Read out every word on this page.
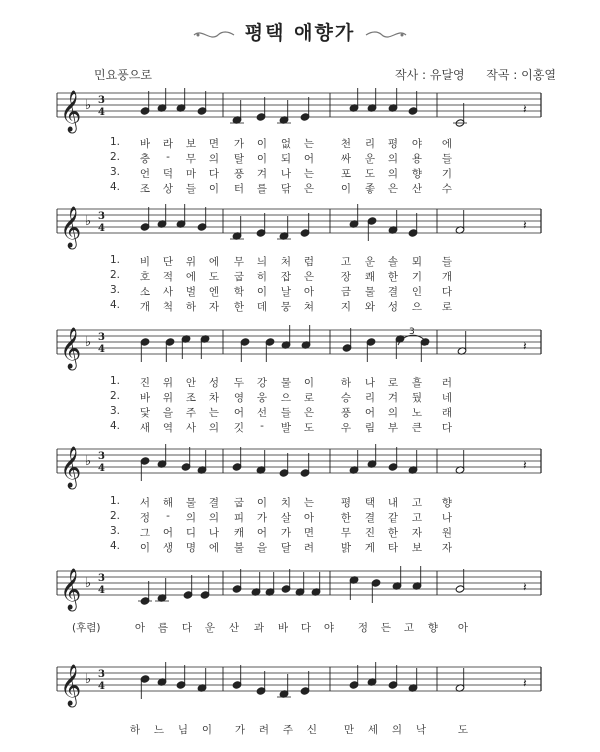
평택 애향가
민요풍으로	작사 : 유달영 작곡 : 이홍열
𝄞 ♭ 3
4	𝄽
𝄞 ♭ 3
4	𝄽
𝄞 ♭ 3
4	𝄽
𝄞 ♭ 3
4	𝄽
𝄞 ♭ 3
4	𝄽
𝄞 ♭ 3
4	𝄽
3
1. 바 라 보 면 가 이 없 는	천 리 평 야 에
2. 충	-	무 의 탈 이 되 어	싸 운 의 용 들
3. 언 덕 마 다 풍 겨 나 는	포 도 의 향 기
4. 조 상 들 이 터 를 닦 은	이 좋 은 산 수
1. 비 단 위 에 무 늬 처 럼	고 운 솔 뫼 들
2. 호 적 에 도 굽 히 잡 은	장 쾌 한 기 개
3. 소 사 벌 엔 학 이 날 아	금 물 결 인 다
4. 개 척 하 자 한 데 뭉 쳐	지 와 성 으 로
1. 진 위 안 성 두 강 물 이	하 나 로 흘 러
2. 바 위 조 차 영 웅 으 로	승 리 겨 뒀 네
3. 닻 을 주 는 어 선 들 은	풍 어 의 노 래
4. 새 역 사 의 깃	-	발 도	우 림 부 큰 다
1. 서 해 물 결 굽 이 치 는	평 택 내 고 향
2. 정	-	의 의 피 가 살 아	한 결 같 고 나
3. 그 어 디 나 캐 어 가 면	무 진 한 자 원
4. 이 생 명 에 불 을 달 려	밝 게 타 보 자
(후렴)	아 름 다 운 산 과 바 다 야 정 든 고 향 아
하 느 님 이 가 려 주 신	만 세 의 낙	도
